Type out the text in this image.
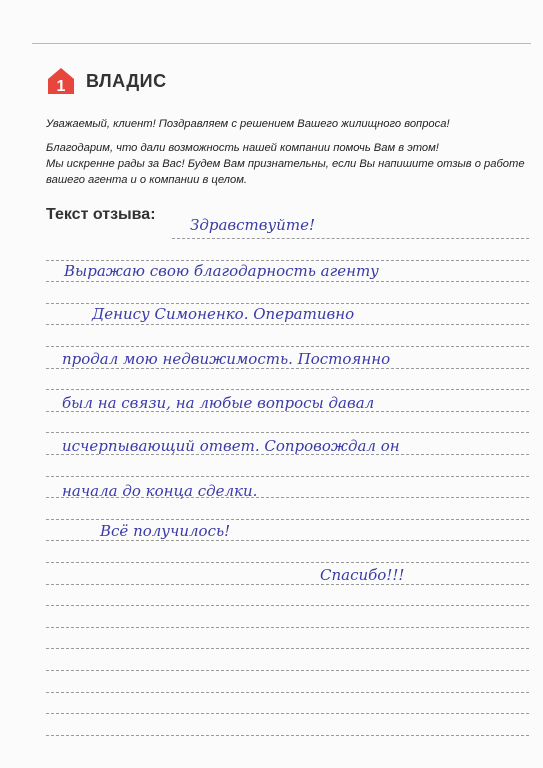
1 ВЛАДИС

Уважаемый, клиент! Поздравляем с решением Вашего жилищного вопроса!

Благодарим, что дали возможность нашей компании помочь Вам в этом!
Мы искренне рады за Вас! Будем Вам признательны, если Вы напишите отзыв о работе вашего агента и о компании в целом.

Текст отзыва:
Здравствуйте!
Выражаю свою благодарность агенту
Денису Симоненко. Оперативно
продал мою недвижимость. Постоянно
был на связи, на любые вопросы давал
исчерпывающий ответ. Сопровождал он
начала до конца сделки.
Всё получилось!
Спасибо!!!
